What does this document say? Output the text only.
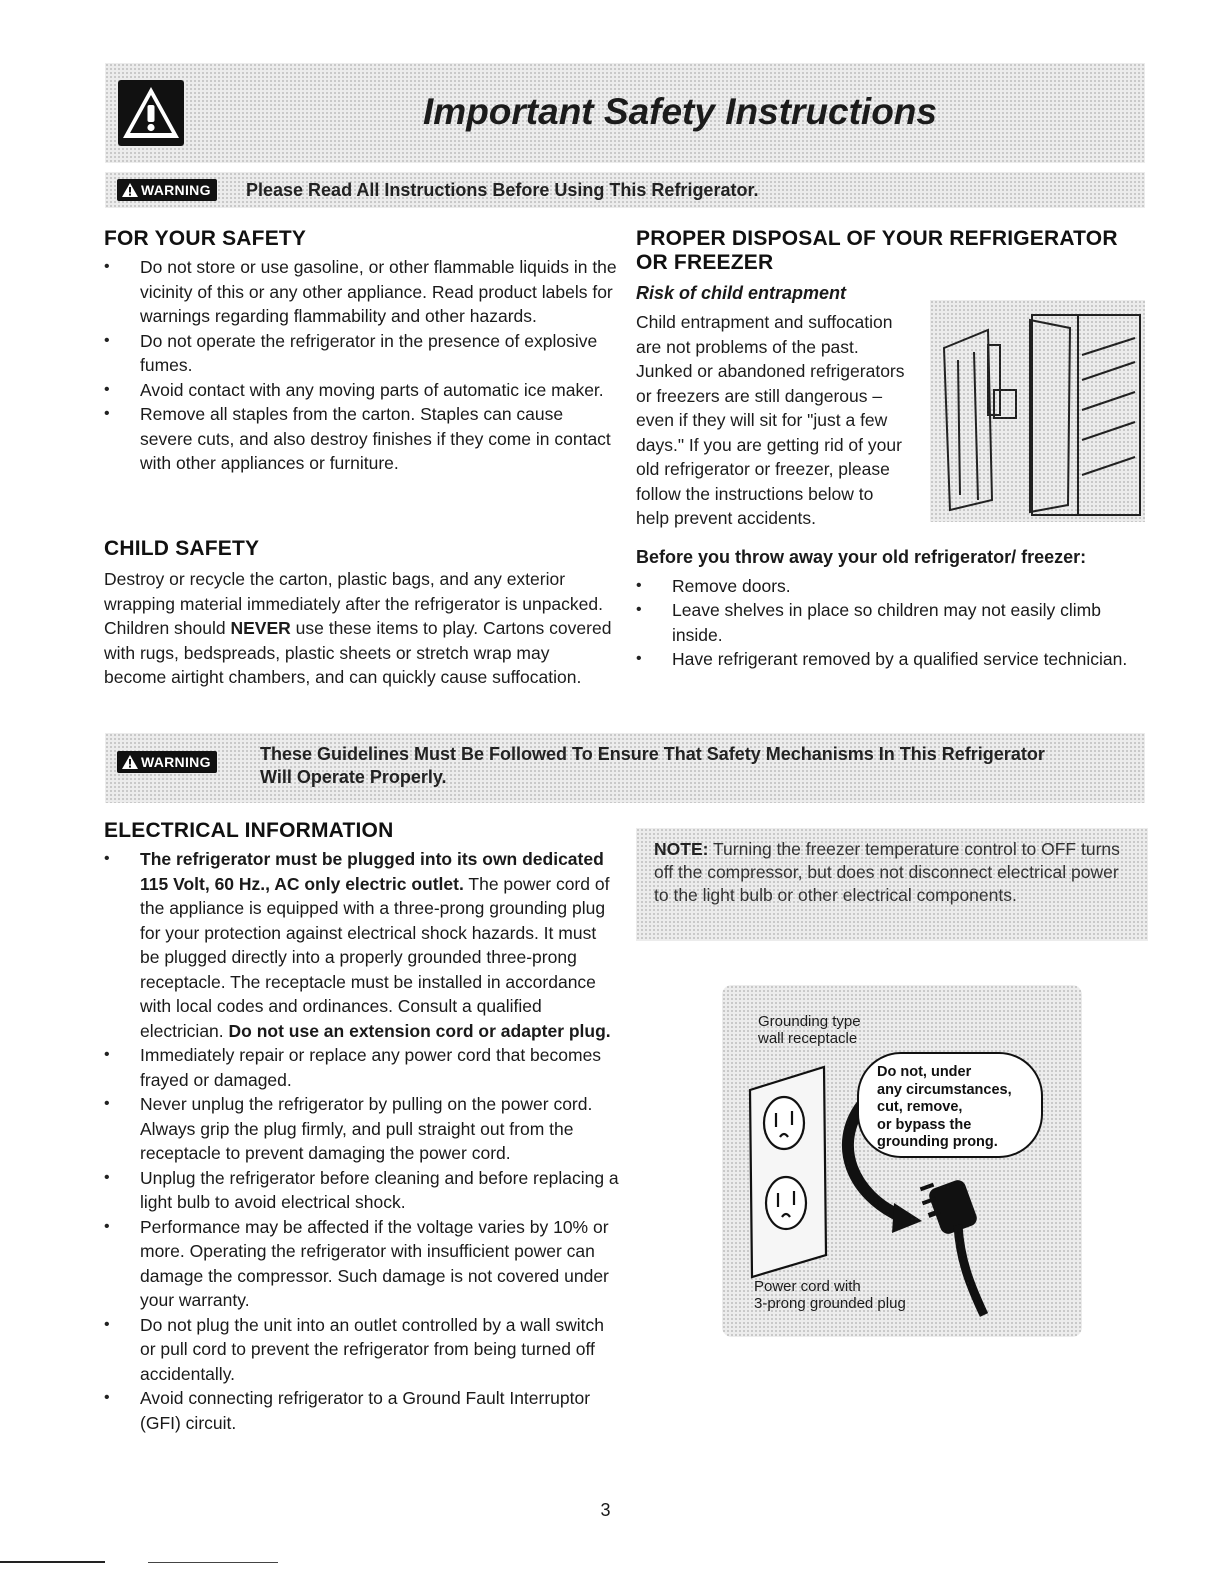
Important Safety Instructions
WARNING Please Read All Instructions Before Using This Refrigerator.
FOR YOUR SAFETY
• Do not store or use gasoline, or other flammable liquids in the vicinity of this or any other appliance. Read product labels for warnings regarding flammability and other hazards.
• Do not operate the refrigerator in the presence of explosive fumes.
• Avoid contact with any moving parts of automatic ice maker.
• Remove all staples from the carton. Staples can cause severe cuts, and also destroy finishes if they come in contact with other appliances or furniture.
CHILD SAFETY
Destroy or recycle the carton, plastic bags, and any exterior wrapping material immediately after the refrigerator is unpacked. Children should NEVER use these items to play. Cartons covered with rugs, bedspreads, plastic sheets or stretch wrap may become airtight chambers, and can quickly cause suffocation.
PROPER DISPOSAL OF YOUR REFRIGERATOR
OR FREEZER
Risk of child entrapment
Child entrapment and suffocation
are not problems of the past.
Junked or abandoned refrigerators
or freezers are still dangerous –
even if they will sit for "just a few
days." If you are getting rid of your
old refrigerator or freezer, please
follow the instructions below to
help prevent accidents.
Before you throw away your old refrigerator/ freezer:
• Remove doors.
• Leave shelves in place so children may not easily climb inside.
• Have refrigerant removed by a qualified service technician.
WARNING	These Guidelines Must Be Followed To Ensure That Safety Mechanisms In This Refrigerator
Will Operate Properly.
ELECTRICAL INFORMATION
• The refrigerator must be plugged into its own dedicated 115 Volt, 60 Hz., AC only electric outlet. The power cord of the appliance is equipped with a three-prong grounding plug for your protection against electrical shock hazards. It must be plugged directly into a properly grounded three-prong receptacle. The receptacle must be installed in accordance with local codes and ordinances. Consult a qualified electrician. Do not use an extension cord or adapter plug.
• Immediately repair or replace any power cord that becomes frayed or damaged.
• Never unplug the refrigerator by pulling on the power cord. Always grip the plug firmly, and pull straight out from the receptacle to prevent damaging the power cord.
• Unplug the refrigerator before cleaning and before replacing a light bulb to avoid electrical shock.
• Performance may be affected if the voltage varies by 10% or more. Operating the refrigerator with insufficient power can damage the compressor. Such damage is not covered under your warranty.
• Do not plug the unit into an outlet controlled by a wall switch or pull cord to prevent the refrigerator from being turned off accidentally.
• Avoid connecting refrigerator to a Ground Fault Interruptor (GFI) circuit.
NOTE: Turning the freezer temperature control to OFF turns off the compressor, but does not disconnect electrical power to the light bulb or other electrical components.
Grounding type
wall receptacle
Do not, under
any circumstances,
cut, remove,
or bypass the
grounding prong.
Power cord with
3-prong grounded plug
3
